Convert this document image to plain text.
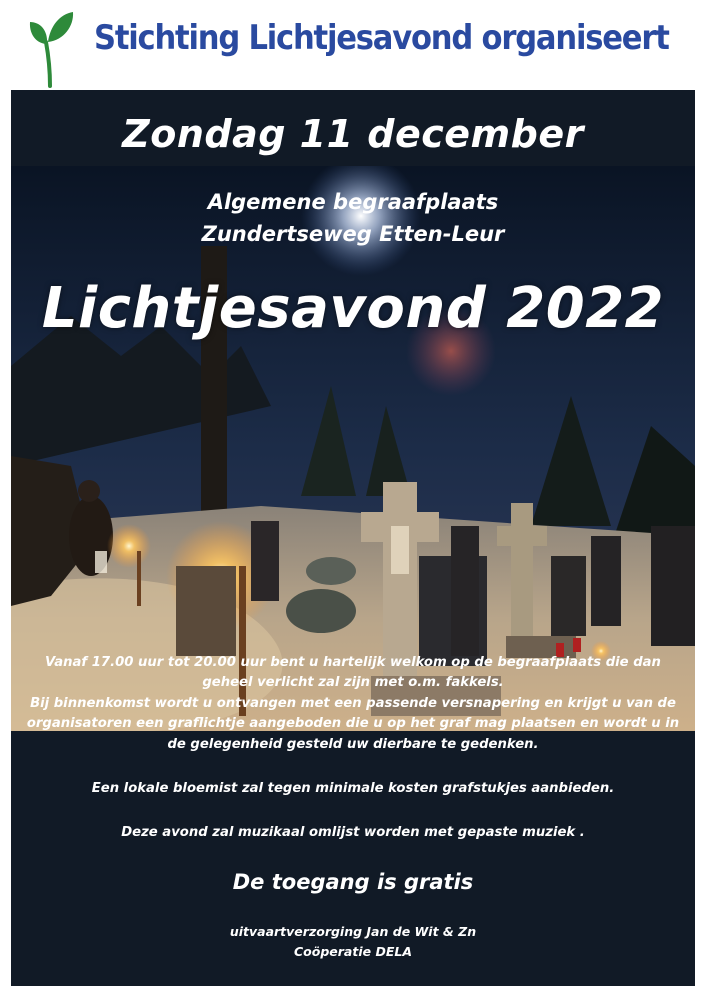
Stichting Lichtjesavond organiseert
Zondag 11 december
Algemene begraafplaats
Zundertseweg Etten-Leur
Lichtjesavond 2022
Vanaf 17.00 uur tot 20.00 uur bent u hartelijk welkom op de begraafplaats die dan
geheel verlicht zal zijn met o.m. fakkels.
Bij binnenkomst wordt u ontvangen met een passende versnapering en krijgt u van de
organisatoren een graflichtje aangeboden die u op het graf mag plaatsen en wordt u in
de gelegenheid gesteld uw dierbare te gedenken.
Een lokale bloemist zal tegen minimale kosten grafstukjes aanbieden.
Deze avond zal muzikaal omlijst worden met gepaste muziek .
De toegang is gratis
uitvaartverzorging Jan de Wit & Zn
Coöperatie DELA
